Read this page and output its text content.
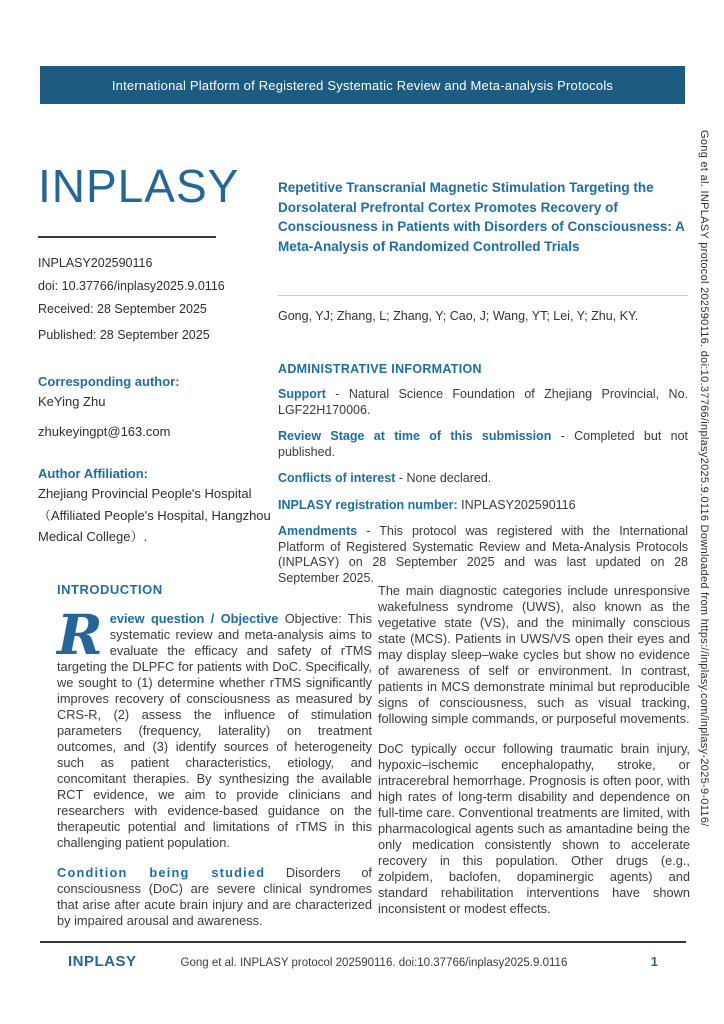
International Platform of Registered Systematic Review and Meta-analysis Protocols
INPLASY
INPLASY202590116
doi: 10.37766/inplasy2025.9.0116
Received: 28 September 2025
Published: 28 September 2025
Corresponding author:
KeYing Zhu
zhukeyingpt@163.com
Author Affiliation:
Zhejiang Provincial People's Hospital （Affiliated People's Hospital, Hangzhou Medical College）.
Repetitive Transcranial Magnetic Stimulation Targeting the Dorsolateral Prefrontal Cortex Promotes Recovery of Consciousness in Patients with Disorders of Consciousness: A Meta-Analysis of Randomized Controlled Trials
Gong, YJ; Zhang, L; Zhang, Y; Cao, J; Wang, YT; Lei, Y; Zhu, KY.
ADMINISTRATIVE INFORMATION

Support - Natural Science Foundation of Zhejiang Provincial, No. LGF22H170006.

Review Stage at time of this submission - Completed but not published.

Conflicts of interest - None declared.

INPLASY registration number: INPLASY202590116

Amendments - This protocol was registered with the International Platform of Registered Systematic Review and Meta-Analysis Protocols (INPLASY) on 28 September 2025 and was last updated on 28 September 2025.

INTRODUCTION

Review question / Objective Objective: This systematic review and meta-analysis aims to evaluate the efficacy and safety of rTMS targeting the DLPFC for patients with DoC. Specifically, we sought to (1) determine whether rTMS significantly improves recovery of consciousness as measured by CRS-R, (2) assess the influence of stimulation parameters (frequency, laterality) on treatment outcomes, and (3) identify sources of heterogeneity such as patient characteristics, etiology, and concomitant therapies. By synthesizing the available RCT evidence, we aim to provide clinicians and researchers with evidence-based guidance on the therapeutic potential and limitations of rTMS in this challenging patient population.

Condition being studied Disorders of consciousness (DoC) are severe clinical syndromes that arise after acute brain injury and are characterized by impaired arousal and awareness.

The main diagnostic categories include unresponsive wakefulness syndrome (UWS), also known as the vegetative state (VS), and the minimally conscious state (MCS). Patients in UWS/VS open their eyes and may display sleep–wake cycles but show no evidence of awareness of self or environment. In contrast, patients in MCS demonstrate minimal but reproducible signs of consciousness, such as visual tracking, following simple commands, or purposeful movements.

DoC typically occur following traumatic brain injury, hypoxic–ischemic encephalopathy, stroke, or intracerebral hemorrhage. Prognosis is often poor, with high rates of long-term disability and dependence on full-time care. Conventional treatments are limited, with pharmacological agents such as amantadine being the only medication consistently shown to accelerate recovery in this population. Other drugs (e.g., zolpidem, baclofen, dopaminergic agents) and standard rehabilitation interventions have shown inconsistent or modest effects.

INPLASY	Gong et al. INPLASY protocol 202590116. doi:10.37766/inplasy2025.9.0116	1
Gong et al. INPLASY protocol 202590116. doi:10.37766/inplasy2025.9.0116 Downloaded from https://inplasy.com/inplasy-2025-9-0116/
